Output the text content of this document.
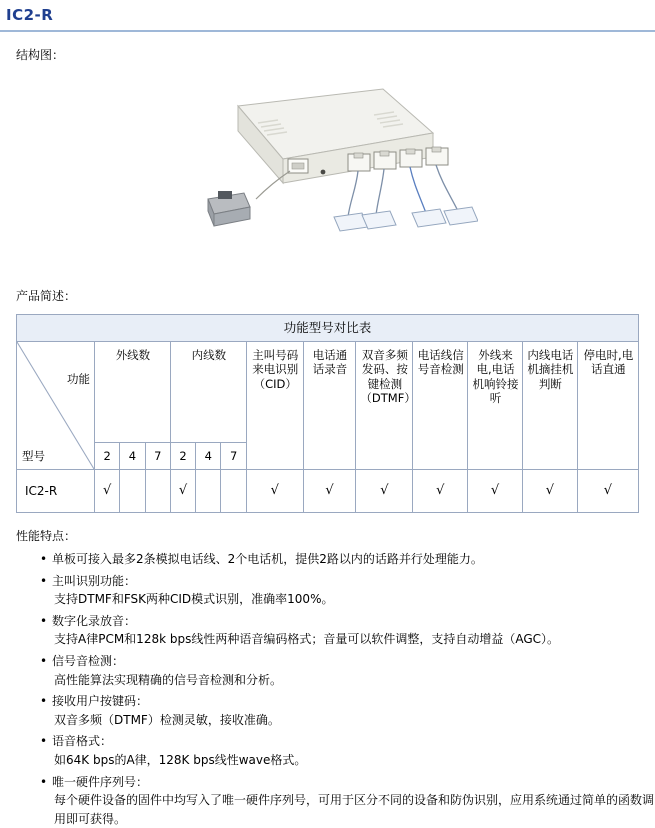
IC2-R
结构图：
产品简述：
功能型号对比表													

功能
型号	外线数			内线数			主叫号码来电识别（CID）	电话通话录音	双音多频发码、按键检测（DTMF）	电话线信号音检测	外线来电,电话机响铃接听	内线电话机摘挂机判断	停电时,电话直通
	2	4	7	2	4	7							
IC2-R	√			√			√	√	√	√	√	√	√
性能特点：
• 单板可接入最多2条模拟电话线、2个电话机，提供2路以内的话路并行处理能力。
• 主叫识别功能：
支持DTMF和FSK两种CID模式识别，准确率100%。
• 数字化录放音：
支持A律PCM和128k bps线性两种语音编码格式；音量可以软件调整，支持自动增益（AGC）。
• 信号音检测：
高性能算法实现精确的信号音检测和分析。
• 接收用户按键码：
双音多频（DTMF）检测灵敏，接收准确。
• 语音格式：
如64K bps的A律，128K bps线性wave格式。
• 唯一硬件序列号：
每个硬件设备的固件中均写入了唯一硬件序列号，可用于区分不同的设备和防伪识别，应用系统通过简单的函数调用即可获得。
